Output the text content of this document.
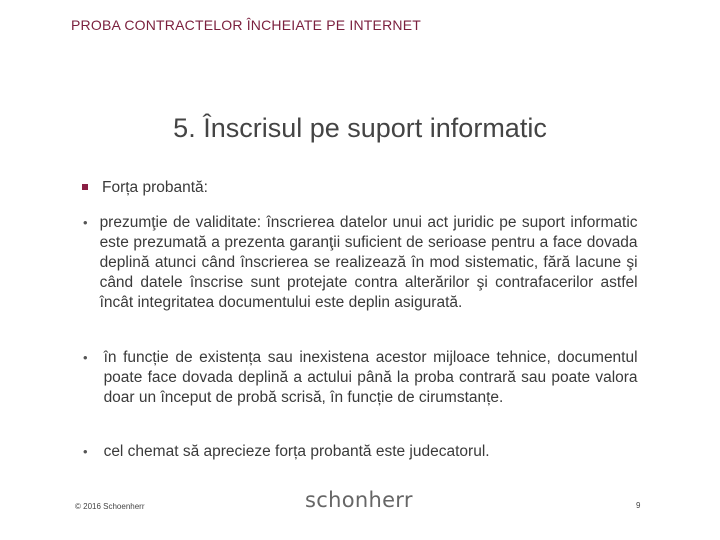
PROBA CONTRACTELOR ÎNCHEIATE PE INTERNET
5. Înscrisul pe suport informatic
Forța probantă:
• prezumţie de validitate: înscrierea datelor unui act juridic pe suport informatic este prezumată a prezenta garanţii suficient de serioase pentru a face dovada deplină atunci când înscrierea se realizează în mod sistematic, fără lacune şi când datele înscrise sunt protejate contra alterărilor şi contrafacerilor astfel încât integritatea documentului este deplin asigurată.
• în funcție de existența sau inexistena acestor mijloace tehnice, documentul poate face dovada deplină a actului până la proba contrară sau poate valora doar un început de probă scrisă, în funcție de cirumstanțe.
• cel chemat să aprecieze forța probantă este judecatorul.
© 2016 Schoenherr	schonherr	9
